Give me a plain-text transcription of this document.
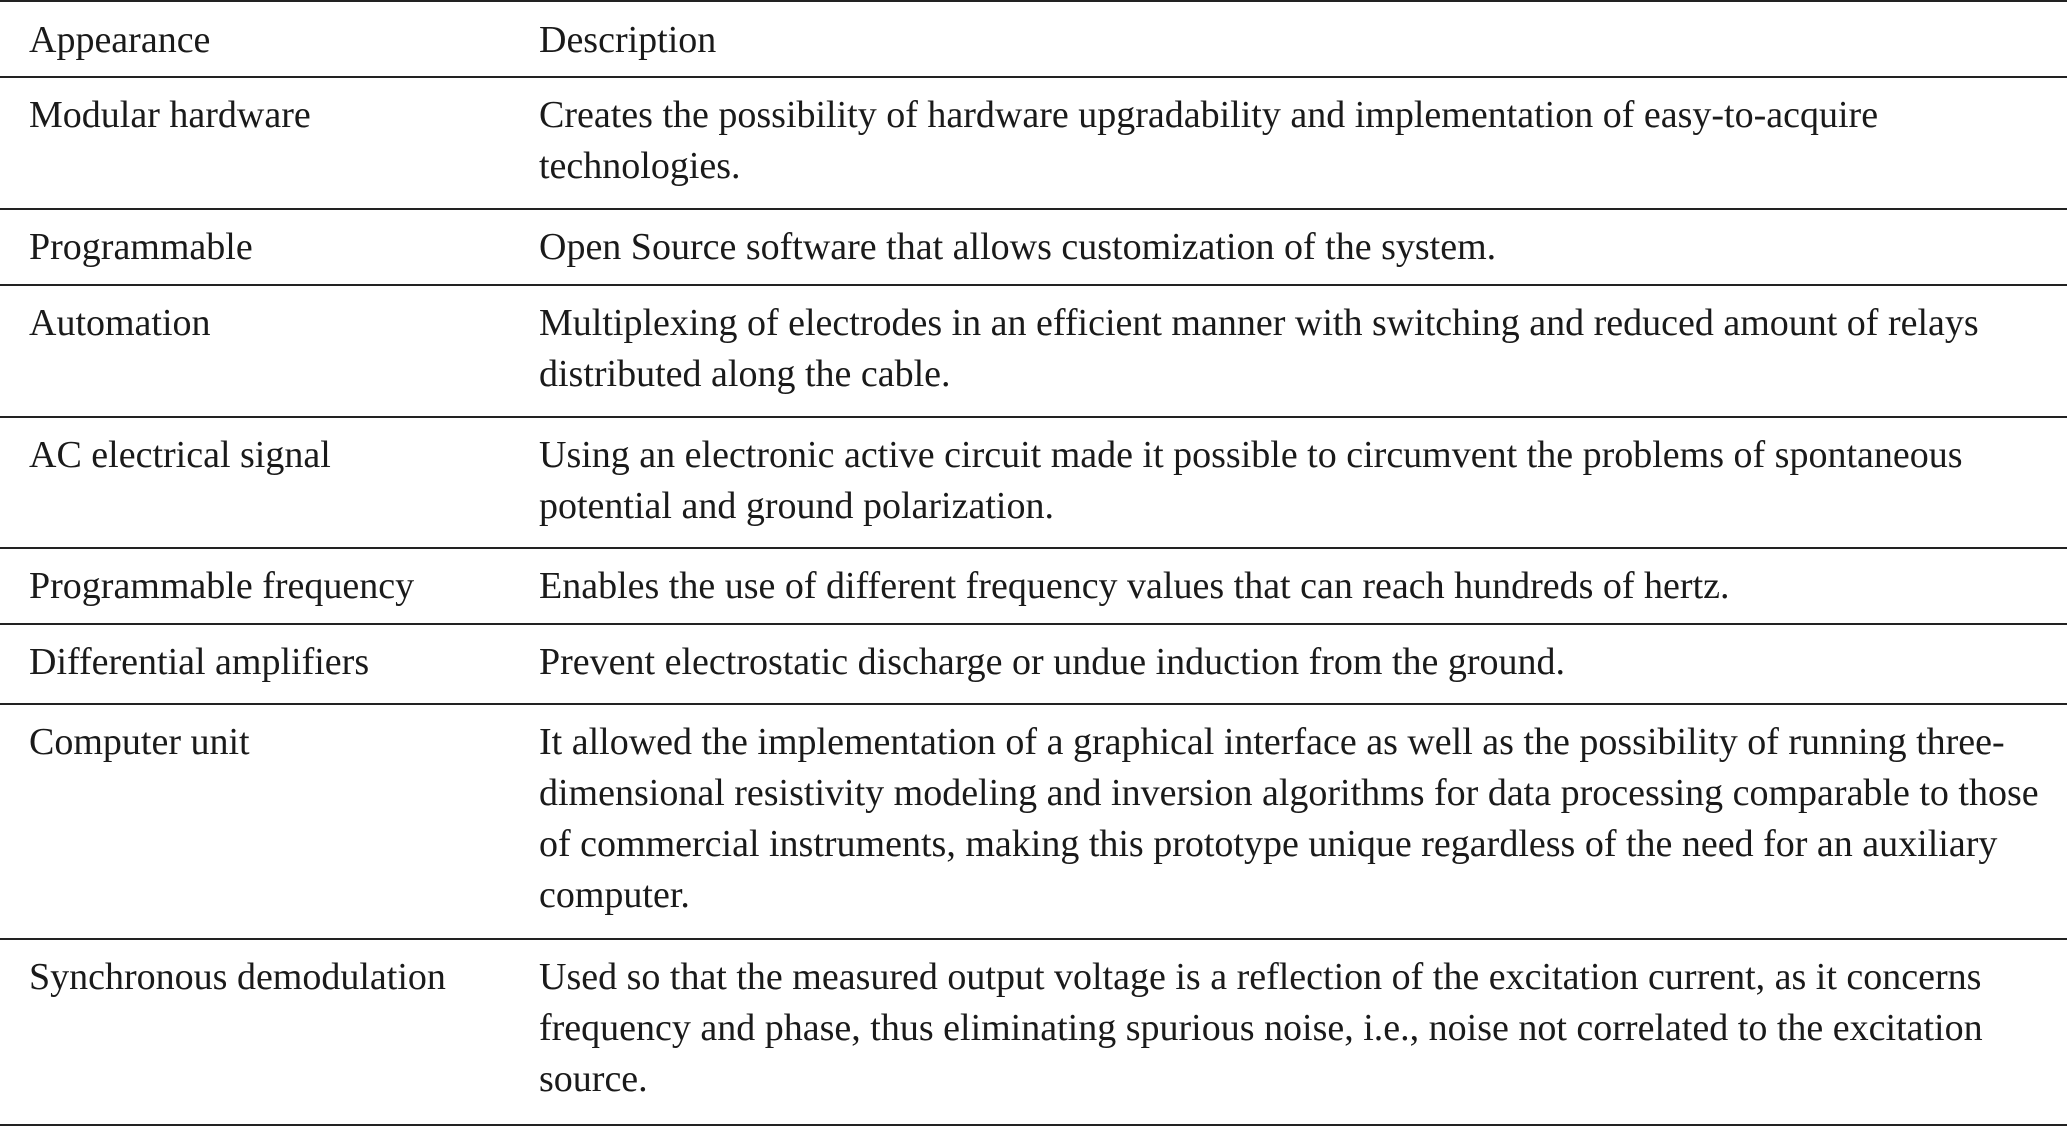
Appearance	Description
Modular hardware	Creates the possibility of hardware upgradability and implementation of easy-to-acquire technologies.
Programmable	Open Source software that allows customization of the system.
Automation	Multiplexing of electrodes in an efficient manner with switching and reduced amount of relays distributed along the cable.
AC electrical signal	Using an electronic active circuit made it possible to circumvent the problems of spontaneous potential and ground polarization.
Programmable frequency	Enables the use of different frequency values that can reach hundreds of hertz.
Differential amplifiers	Prevent electrostatic discharge or undue induction from the ground.
Computer unit	It allowed the implementation of a graphical interface as well as the possibility of running three-dimensional resistivity modeling and inversion algorithms for data processing comparable to those of commercial instruments, making this prototype unique regardless of the need for an auxiliary computer.
Synchronous demodulation	Used so that the measured output voltage is a reflection of the excitation current, as it concerns frequency and phase, thus eliminating spurious noise, i.e., noise not correlated to the excitation source.
